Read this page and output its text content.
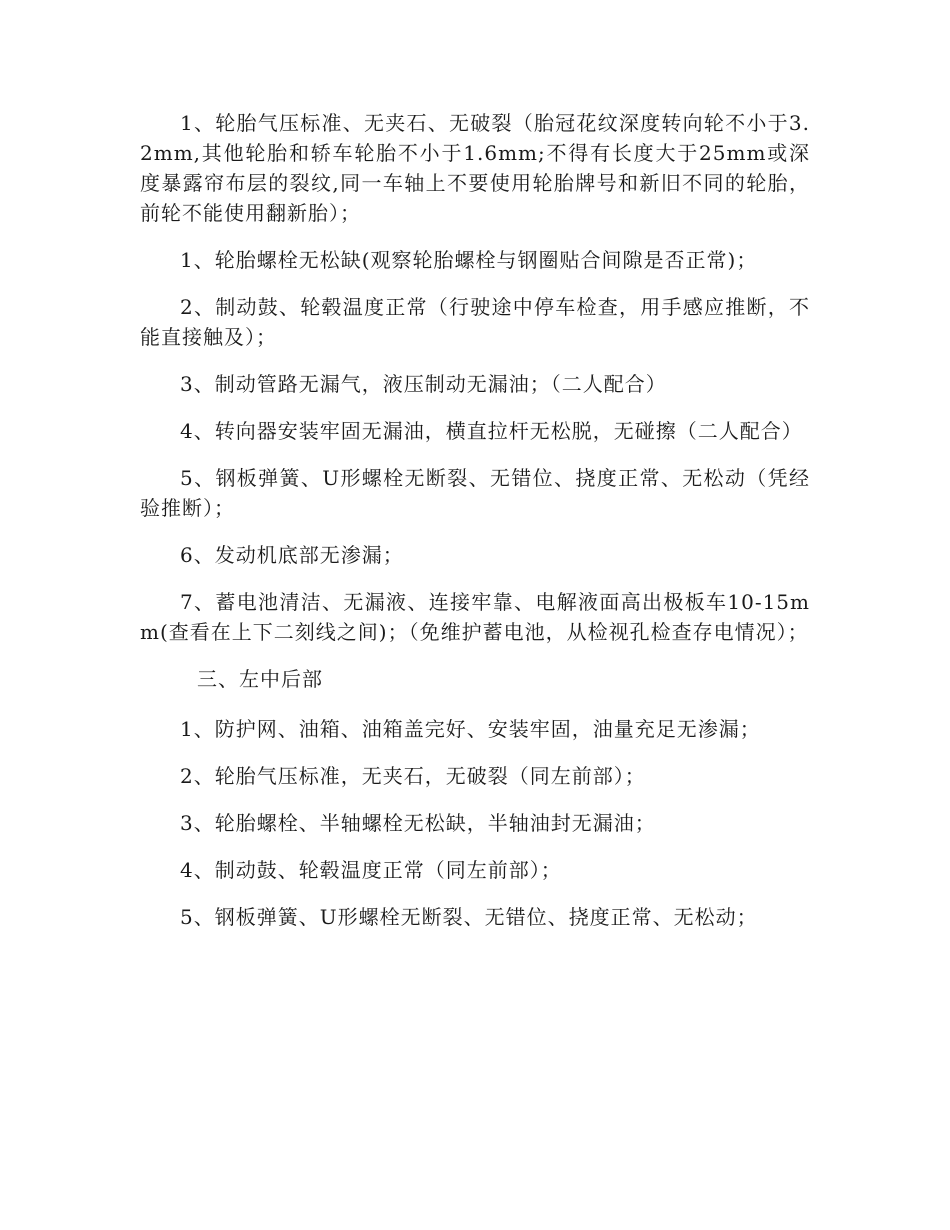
1、轮胎气压标准、无夹石、无破裂（胎冠花纹深度转向轮不小于3.2mm,其他轮胎和轿车轮胎不小于1.6mm;不得有长度大于25mm或深度暴露帘布层的裂纹,同一车轴上不要使用轮胎牌号和新旧不同的轮胎，前轮不能使用翻新胎）；

1、轮胎螺栓无松缺(观察轮胎螺栓与钢圈贴合间隙是否正常)；

2、制动鼓、轮毂温度正常（行驶途中停车检查，用手感应推断，不能直接触及）；

3、制动管路无漏气，液压制动无漏油；（二人配合）

4、转向器安装牢固无漏油，横直拉杆无松脱，无碰擦（二人配合）

5、钢板弹簧、U形螺栓无断裂、无错位、挠度正常、无松动（凭经验推断）；

6、发动机底部无渗漏；

7、蓄电池清洁、无漏液、连接牢靠、电解液面高出极板车10-15mm(查看在上下二刻线之间)；（免维护蓄电池，从检视孔检查存电情况）；

三、左中后部

1、防护网、油箱、油箱盖完好、安装牢固，油量充足无渗漏；

2、轮胎气压标准，无夹石，无破裂（同左前部）；

3、轮胎螺栓、半轴螺栓无松缺，半轴油封无漏油；

4、制动鼓、轮毂温度正常（同左前部）；

5、钢板弹簧、U形螺栓无断裂、无错位、挠度正常、无松动；
